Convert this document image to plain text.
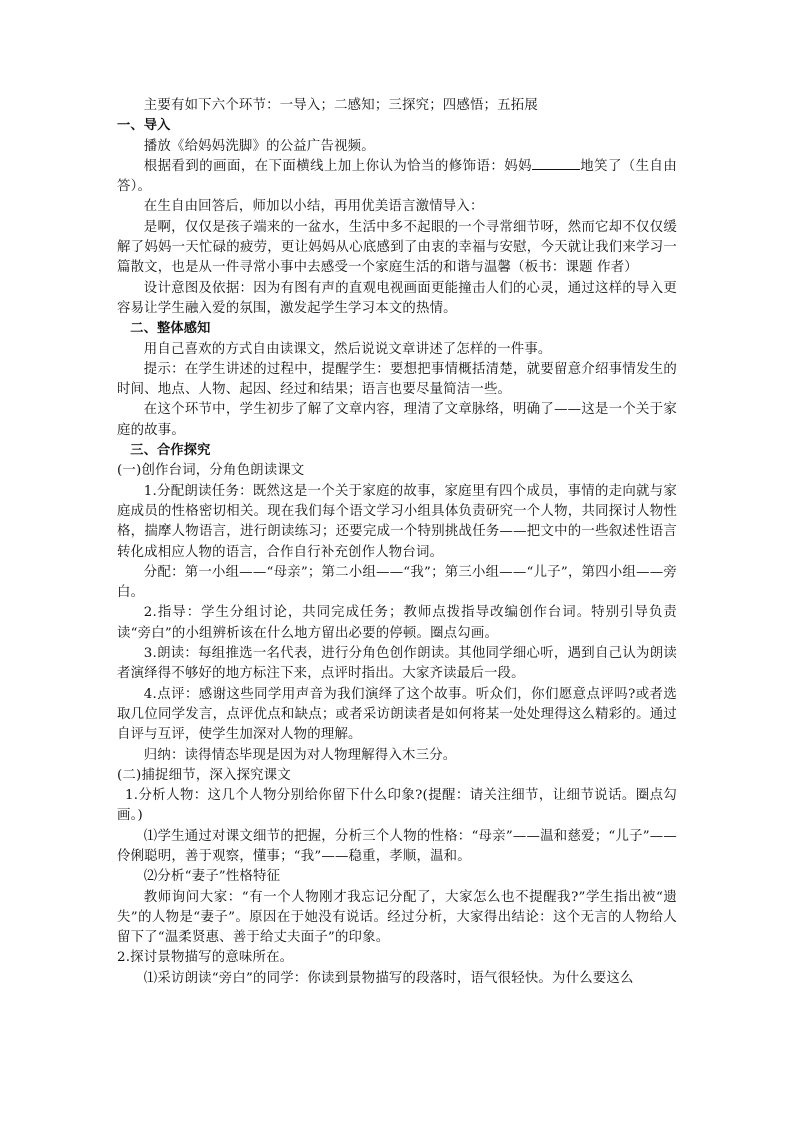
主要有如下六个环节：一导入；二感知；三探究；四感悟；五拓展

一、导入

播放《给妈妈洗脚》的公益广告视频。

根据看到的画面，在下面横线上加上你认为恰当的修饰语：妈妈	地笑了（生自由答）。

在生自由回答后，师加以小结，再用优美语言激情导入：

是啊，仅仅是孩子端来的一盆水，生活中多不起眼的一个寻常细节呀，然而它却不仅仅缓解了妈妈一天忙碌的疲劳，更让妈妈从心底感到了由衷的幸福与安慰，今天就让我们来学习一篇散文，也是从一件寻常小事中去感受一个家庭生活的和谐与温馨（板书：课题 作者）

设计意图及依据：因为有图有声的直观电视画面更能撞击人们的心灵，通过这样的导入更容易让学生融入爱的氛围，激发起学生学习本文的热情。

二、整体感知

用自己喜欢的方式自由读课文，然后说说文章讲述了怎样的一件事。

提示：在学生讲述的过程中，提醒学生：要想把事情概括清楚，就要留意介绍事情发生的时间、地点、人物、起因、经过和结果；语言也要尽量简洁一些。

在这个环节中，学生初步了解了文章内容，理清了文章脉络，明确了——这是一个关于家庭的故事。

三、合作探究

(一)创作台词，分角色朗读课文

1.分配朗读任务：既然这是一个关于家庭的故事，家庭里有四个成员，事情的走向就与家庭成员的性格密切相关。现在我们每个语文学习小组具体负责研究一个人物，共同探讨人物性格，揣摩人物语言，进行朗读练习；还要完成一个特别挑战任务——把文中的一些叙述性语言转化成相应人物的语言，合作自行补充创作人物台词。

分配：第一小组——“母亲”；第二小组——“我”；第三小组——“儿子”，第四小组——旁白。

2.指导：学生分组讨论，共同完成任务；教师点拨指导改编创作台词。特别引导负责读“旁白”的小组辨析该在什么地方留出必要的停顿。圈点勾画。

3.朗读：每组推选一名代表，进行分角色创作朗读。其他同学细心听，遇到自己认为朗读者演绎得不够好的地方标注下来，点评时指出。大家齐读最后一段。

4.点评：感谢这些同学用声音为我们演绎了这个故事。听众们，你们愿意点评吗?或者选取几位同学发言，点评优点和缺点；或者采访朗读者是如何将某一处处理得这么精彩的。通过自评与互评，使学生加深对人物的理解。

归纳：读得情态毕现是因为对人物理解得入木三分。

(二)捕捉细节，深入探究课文

1.分析人物：这几个人物分别给你留下什么印象?(提醒：请关注细节，让细节说话。圈点勾画。)

⑴学生通过对课文细节的把握，分析三个人物的性格：“母亲”——温和慈爱；“儿子”——伶俐聪明，善于观察，懂事；“我”——稳重，孝顺，温和。

⑵分析“妻子”性格特征

教师询问大家：“有一个人物刚才我忘记分配了，大家怎么也不提醒我?”学生指出被“遗失”的人物是“妻子”。原因在于她没有说话。经过分析，大家得出结论：这个无言的人物给人留下了“温柔贤惠、善于给丈夫面子”的印象。

2.探讨景物描写的意味所在。

⑴采访朗读“旁白”的同学：你读到景物描写的段落时，语气很轻快。为什么要这么
